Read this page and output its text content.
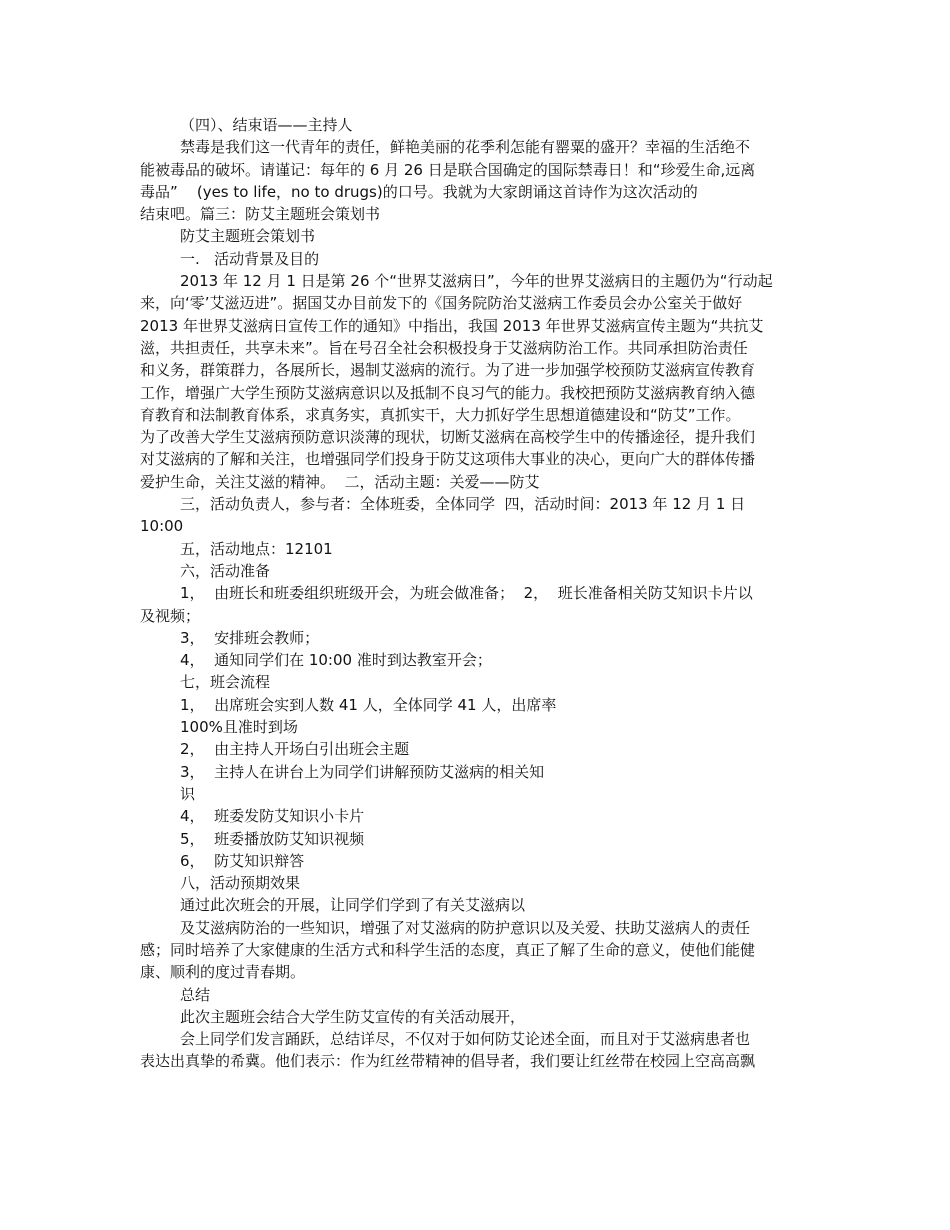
（四）、结束语——主持人
禁毒是我们这一代青年的责任，鲜艳美丽的花季利怎能有罂粟的盛开？幸福的生活绝不
能被毒品的破坏。请谨记：每年的 6 月 26 日是联合国确定的国际禁毒日！和“珍爱生命,远离
毒品”    (yes to life，no to drugs)的口号。我就为大家朗诵这首诗作为这次活动的
结束吧。篇三：防艾主题班会策划书
防艾主题班会策划书
一.   活动背景及目的
2013 年 12 月 1 日是第 26 个“世界艾滋病日”，今年的世界艾滋病日的主题仍为“行动起
来，向‘零’艾滋迈进”。据国艾办目前发下的《国务院防治艾滋病工作委员会办公室关于做好
2013 年世界艾滋病日宣传工作的通知》中指出，我国 2013 年世界艾滋病宣传主题为“共抗艾
滋，共担责任，共享未来”。旨在号召全社会积极投身于艾滋病防治工作。共同承担防治责任
和义务，群策群力，各展所长，遏制艾滋病的流行。为了进一步加强学校预防艾滋病宣传教育
工作，增强广大学生预防艾滋病意识以及抵制不良习气的能力。我校把预防艾滋病教育纳入德
育教育和法制教育体系，求真务实，真抓实干，大力抓好学生思想道德建设和“防艾”工作。
为了改善大学生艾滋病预防意识淡薄的现状，切断艾滋病在高校学生中的传播途径，提升我们
对艾滋病的了解和关注，也增强同学们投身于防艾这项伟大事业的决心，更向广大的群体传播
爱护生命，关注艾滋的精神。  二，活动主题：关爱——防艾
三，活动负责人，参与者：全体班委，全体同学  四，活动时间：2013 年 12 月 1 日
10:00
五，活动地点：12101
六，活动准备
1，  由班长和班委组织班级开会，为班会做准备；  2，  班长准备相关防艾知识卡片以
及视频；
3，  安排班会教师；
4，  通知同学们在 10:00 准时到达教室开会；
七，班会流程
1，  出席班会实到人数 41 人，全体同学 41 人，出席率
100%且准时到场
2，  由主持人开场白引出班会主题
3，  主持人在讲台上为同学们讲解预防艾滋病的相关知
识
4，  班委发防艾知识小卡片
5，  班委播放防艾知识视频
6，  防艾知识辩答
八，活动预期效果
通过此次班会的开展，让同学们学到了有关艾滋病以
及艾滋病防治的一些知识，增强了对艾滋病的防护意识以及关爱、扶助艾滋病人的责任
感；同时培养了大家健康的生活方式和科学生活的态度，真正了解了生命的意义，使他们能健
康、顺利的度过青春期。
总结
此次主题班会结合大学生防艾宣传的有关活动展开，
会上同学们发言踊跃，总结详尽，不仅对于如何防艾论述全面，而且对于艾滋病患者也
表达出真挚的希冀。他们表示：作为红丝带精神的倡导者，我们要让红丝带在校园上空高高飘
